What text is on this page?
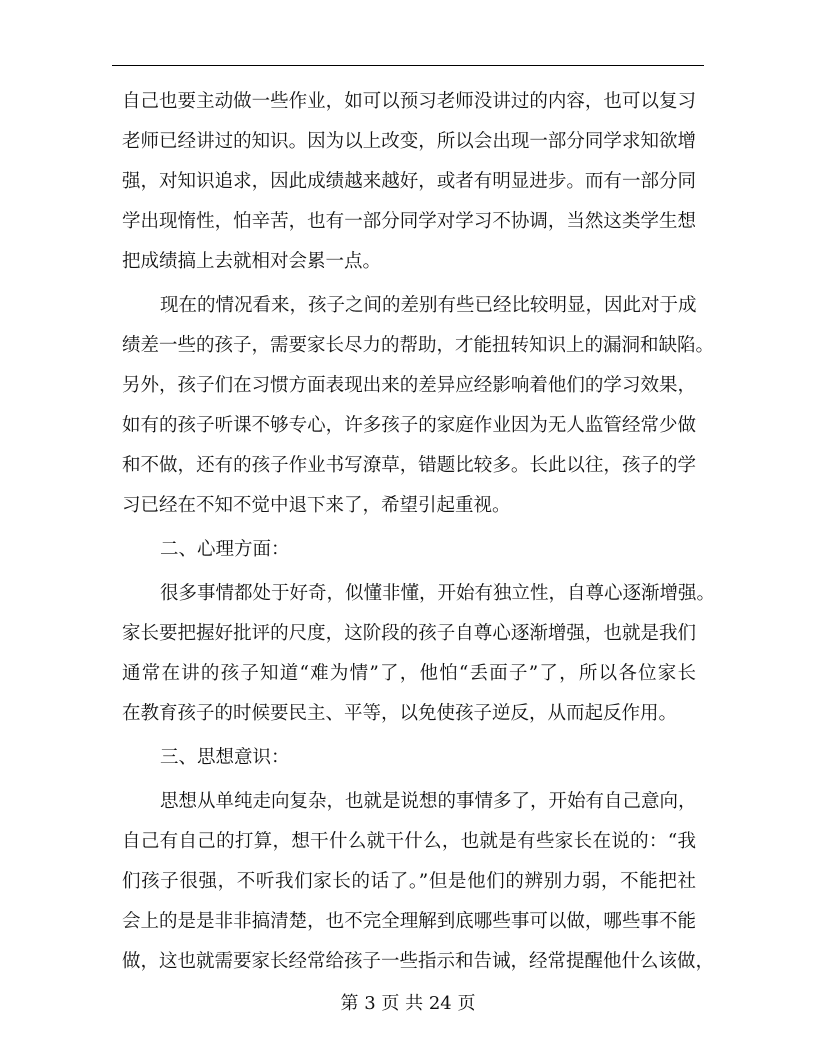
自己也要主动做一些作业，如可以预习老师没讲过的内容，也可以复习

老师已经讲过的知识。因为以上改变，所以会出现一部分同学求知欲增

强，对知识追求，因此成绩越来越好，或者有明显进步。而有一部分同

学出现惰性，怕辛苦，也有一部分同学对学习不协调，当然这类学生想

把成绩搞上去就相对会累一点。

现在的情况看来，孩子之间的差别有些已经比较明显，因此对于成

绩差一些的孩子，需要家长尽力的帮助，才能扭转知识上的漏洞和缺陷。

另外，孩子们在习惯方面表现出来的差异应经影响着他们的学习效果，

如有的孩子听课不够专心，许多孩子的家庭作业因为无人监管经常少做

和不做，还有的孩子作业书写潦草，错题比较多。长此以往，孩子的学

习已经在不知不觉中退下来了，希望引起重视。

二、心理方面：

很多事情都处于好奇，似懂非懂，开始有独立性，自尊心逐渐增强。

家长要把握好批评的尺度，这阶段的孩子自尊心逐渐增强，也就是我们

通常在讲的孩子知道“难为情”了，他怕“丢面子”了，所以各位家长

在教育孩子的时候要民主、平等，以免使孩子逆反，从而起反作用。

三、思想意识：

思想从单纯走向复杂，也就是说想的事情多了，开始有自己意向，

自己有自己的打算，想干什么就干什么，也就是有些家长在说的：“我

们孩子很强，不听我们家长的话了。”但是他们的辨别力弱，不能把社

会上的是是非非搞清楚，也不完全理解到底哪些事可以做，哪些事不能

做，这也就需要家长经常给孩子一些指示和告诫，经常提醒他什么该做，

第 3 页 共 24 页
